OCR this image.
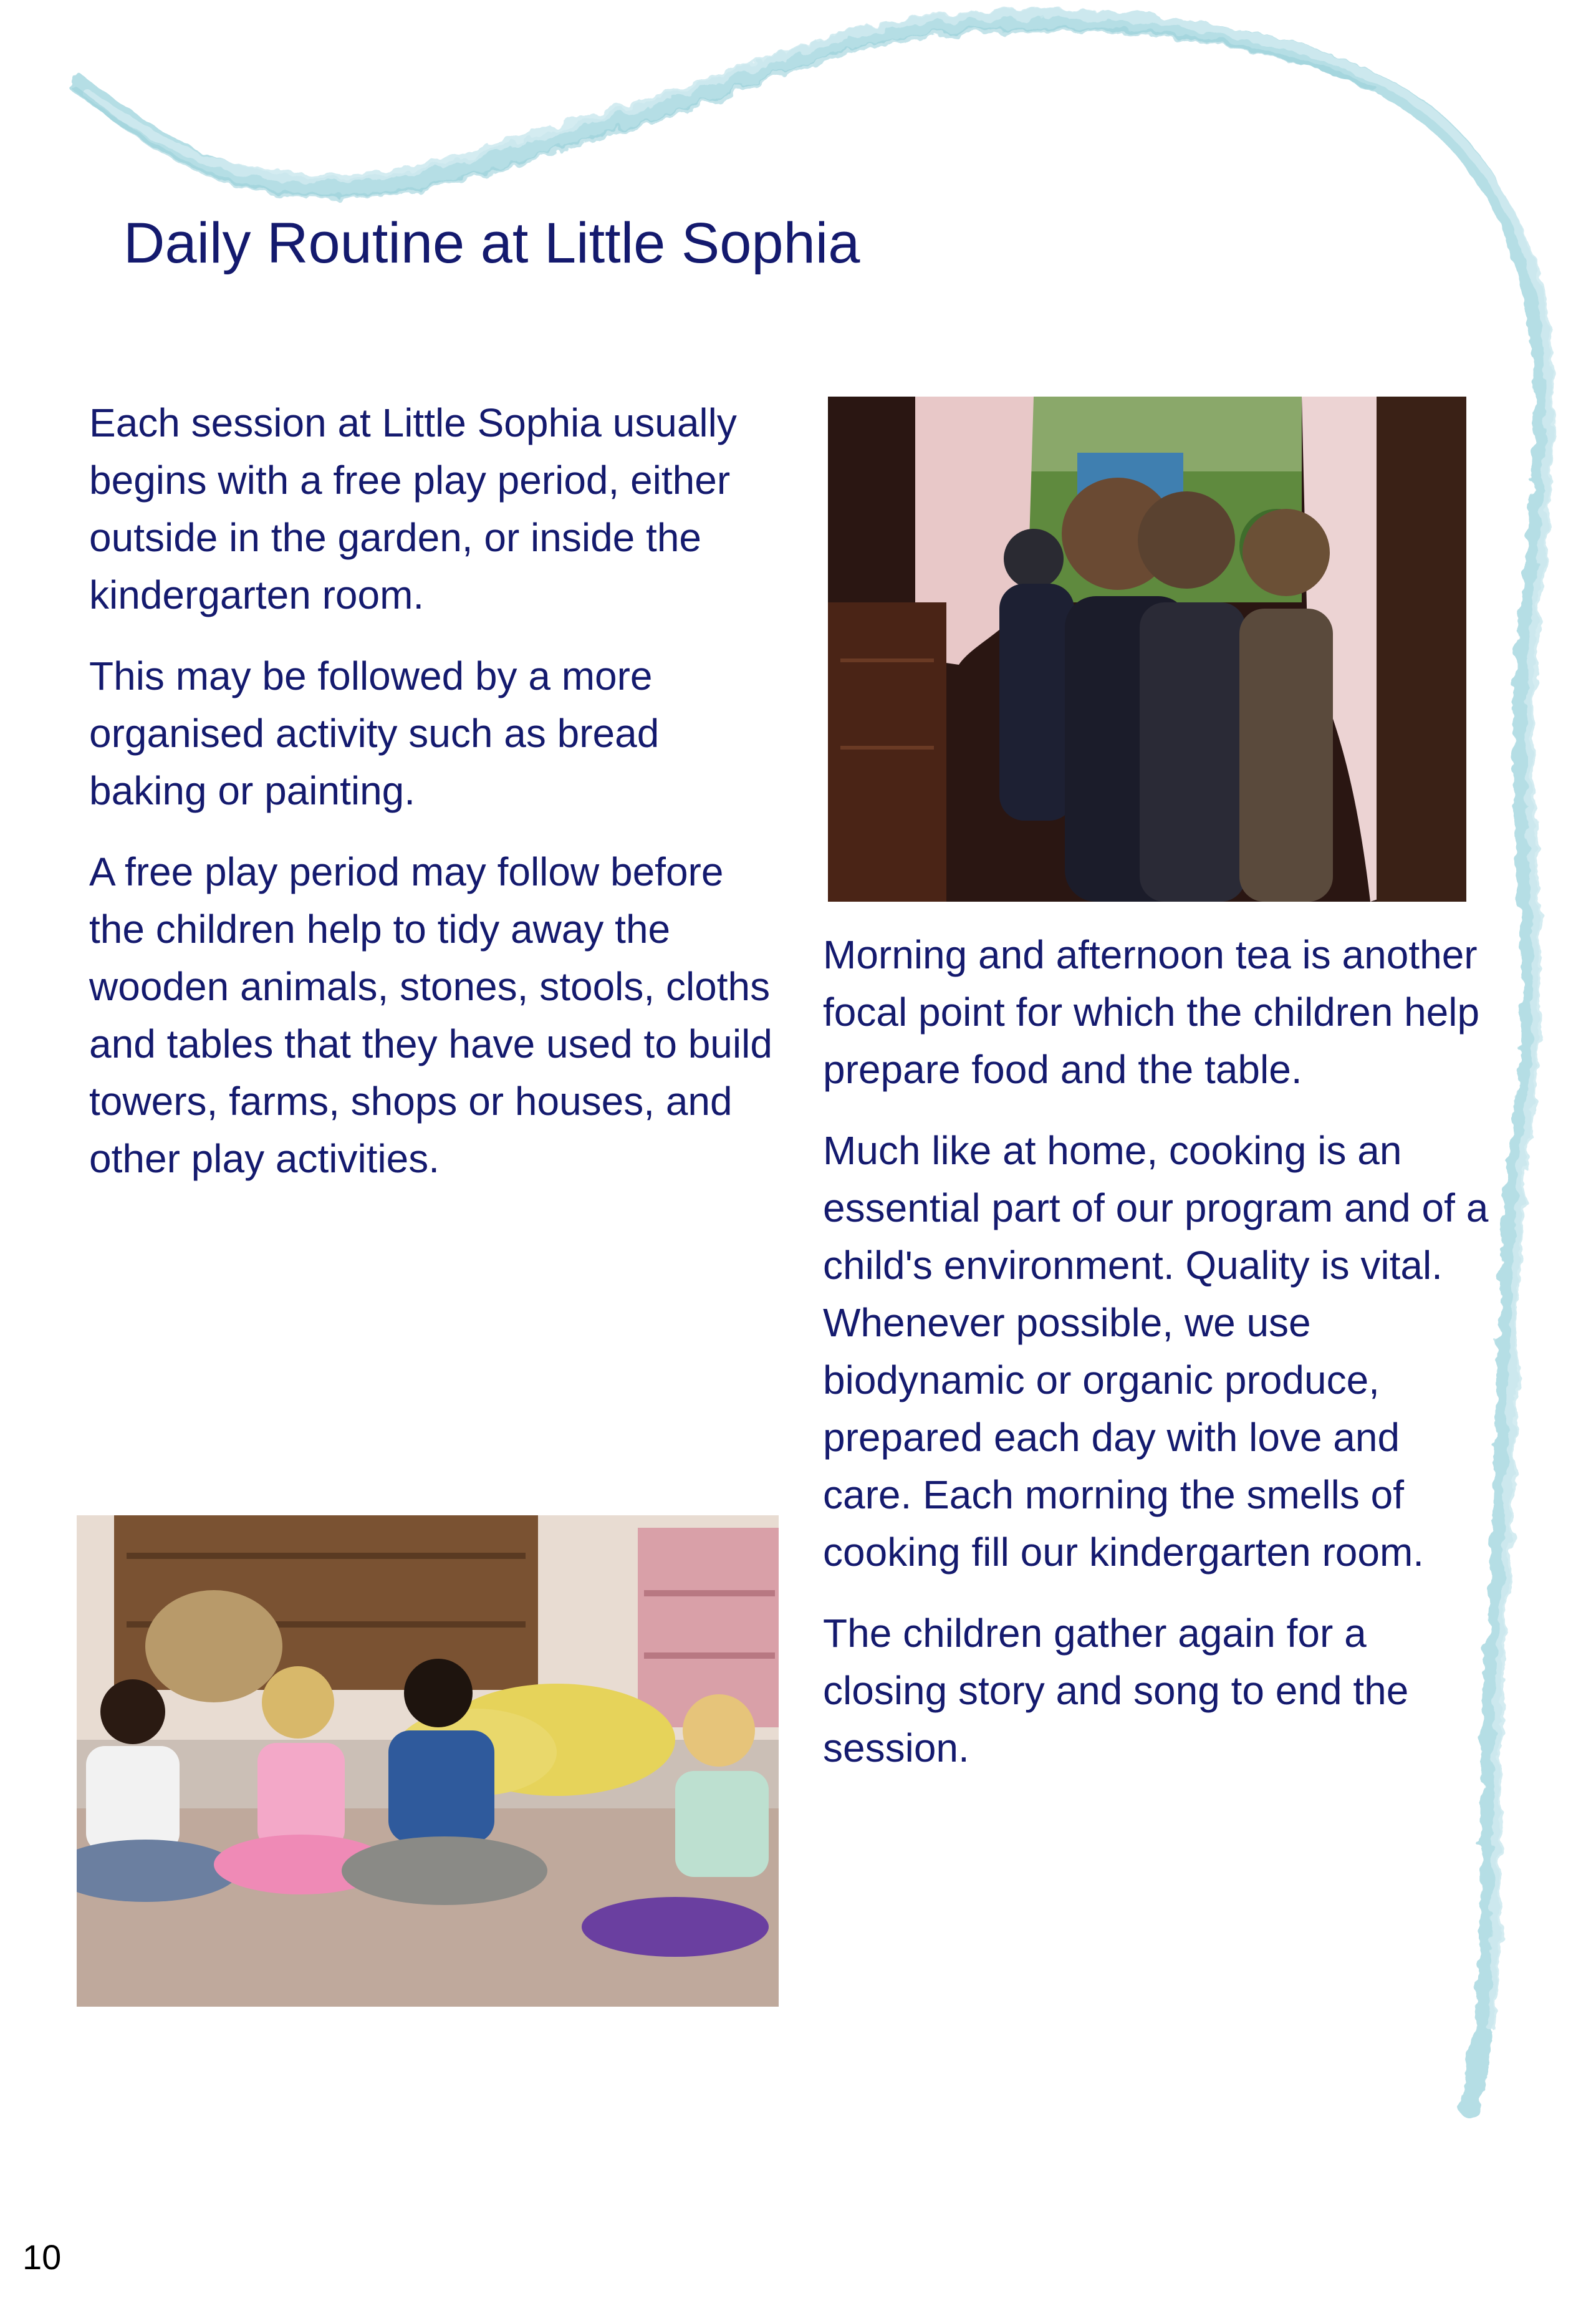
Daily Routine at Little Sophia

Each session at Little Sophia usually begins with a free play period, either outside in the garden, or inside the kindergarten room.

This may be followed by a more organised activity such as bread baking or painting.

A free play period may follow before the children help to tidy away the wooden animals, stones, stools, cloths and tables that they have used to build towers, farms, shops or houses, and other play activities.

Morning and afternoon tea is another focal point for which the children help prepare food and the table.

Much like at home, cooking is an essential part of our program and of a child's environment. Quality is vital. Whenever possible, we use biodynamic or organic produce, prepared each day with love and care. Each morning the smells of cooking fill our kindergarten room.

The children gather again for a closing story and song to end the session.

10
